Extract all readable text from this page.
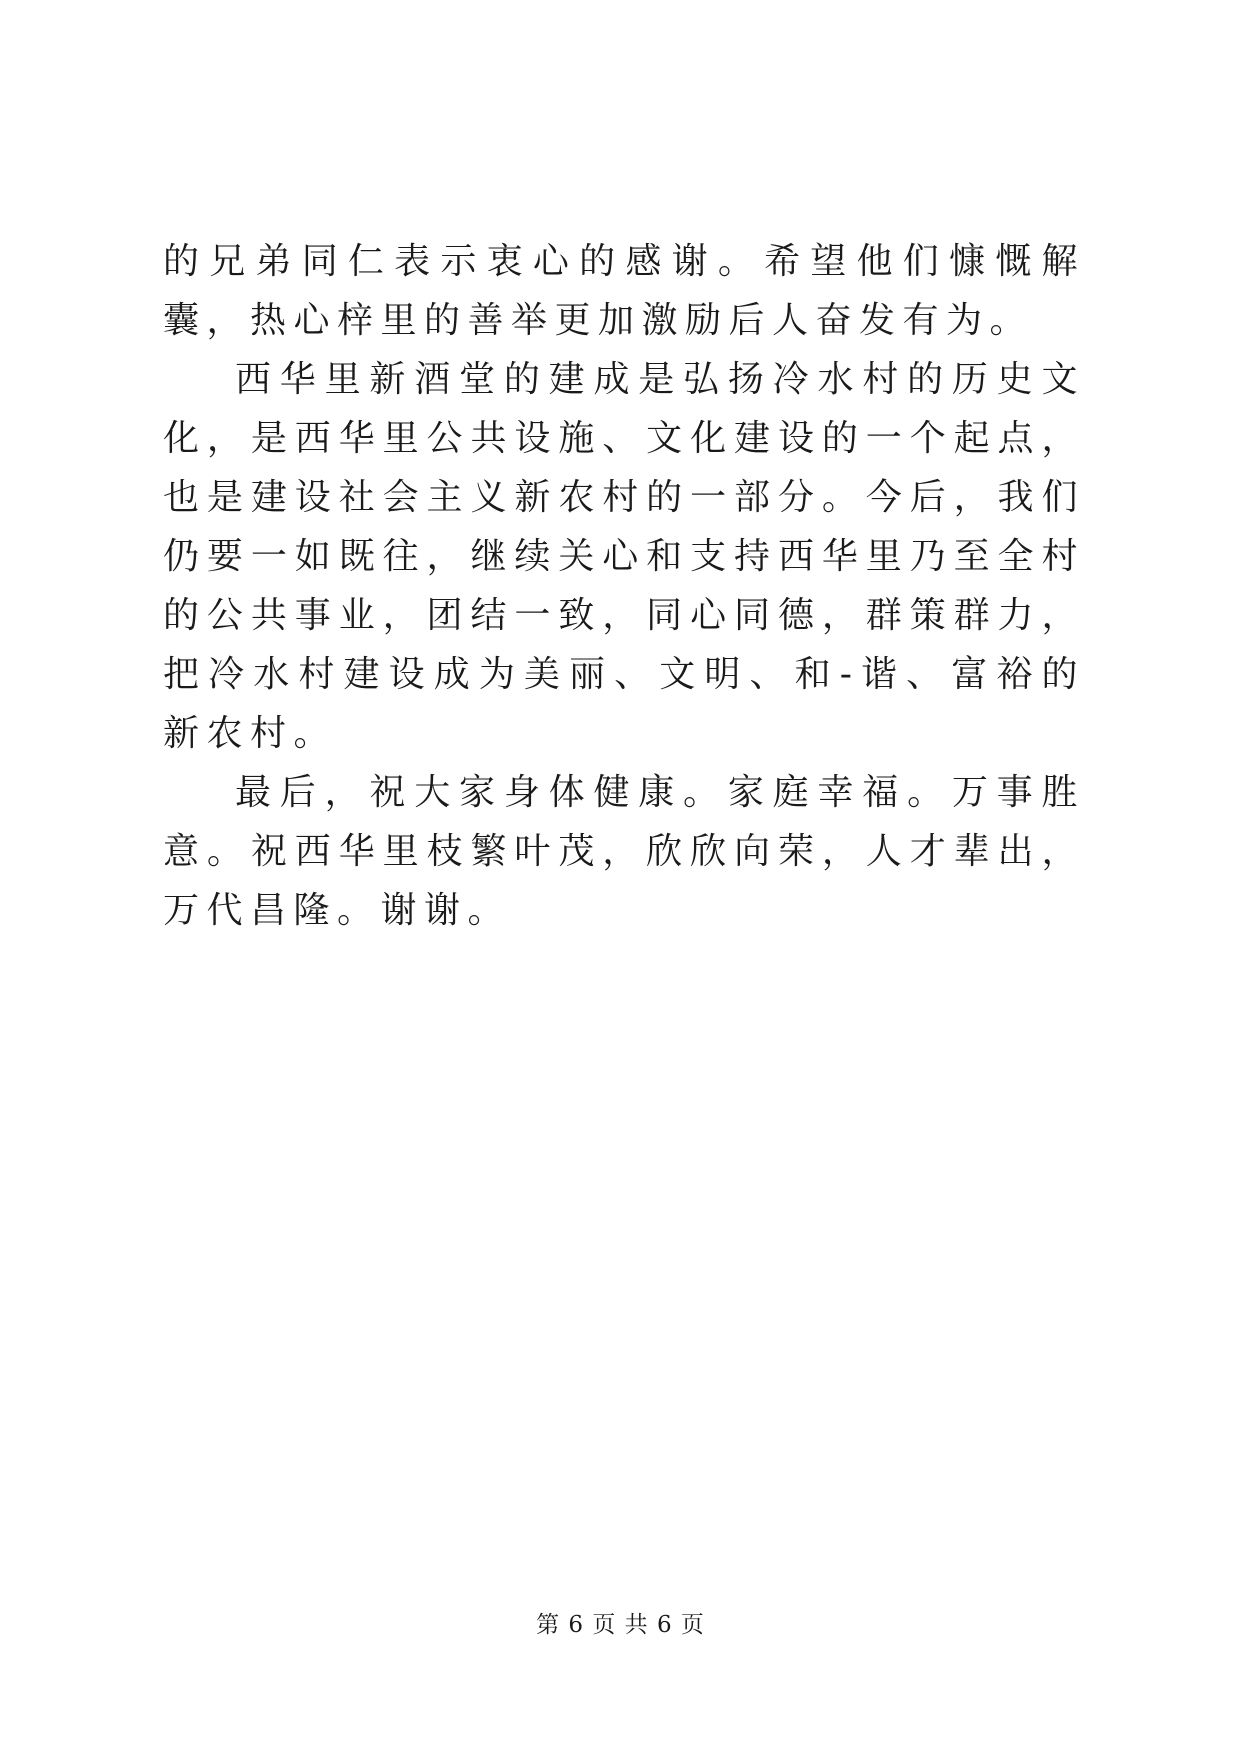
的兄弟同仁表示衷心的感谢。希望他们慷慨解囊，热心梓里的善举更加激励后人奋发有为。

西华里新酒堂的建成是弘扬冷水村的历史文化，是西华里公共设施、文化建设的一个起点，也是建设社会主义新农村的一部分。今后，我们仍要一如既往，继续关心和支持西华里乃至全村的公共事业，团结一致，同心同德，群策群力，把冷水村建设成为美丽、文明、和-谐、富裕的新农村。

最后，祝大家身体健康。家庭幸福。万事胜意。祝西华里枝繁叶茂，欣欣向荣，人才辈出，万代昌隆。谢谢。

第 6 页 共 6 页
